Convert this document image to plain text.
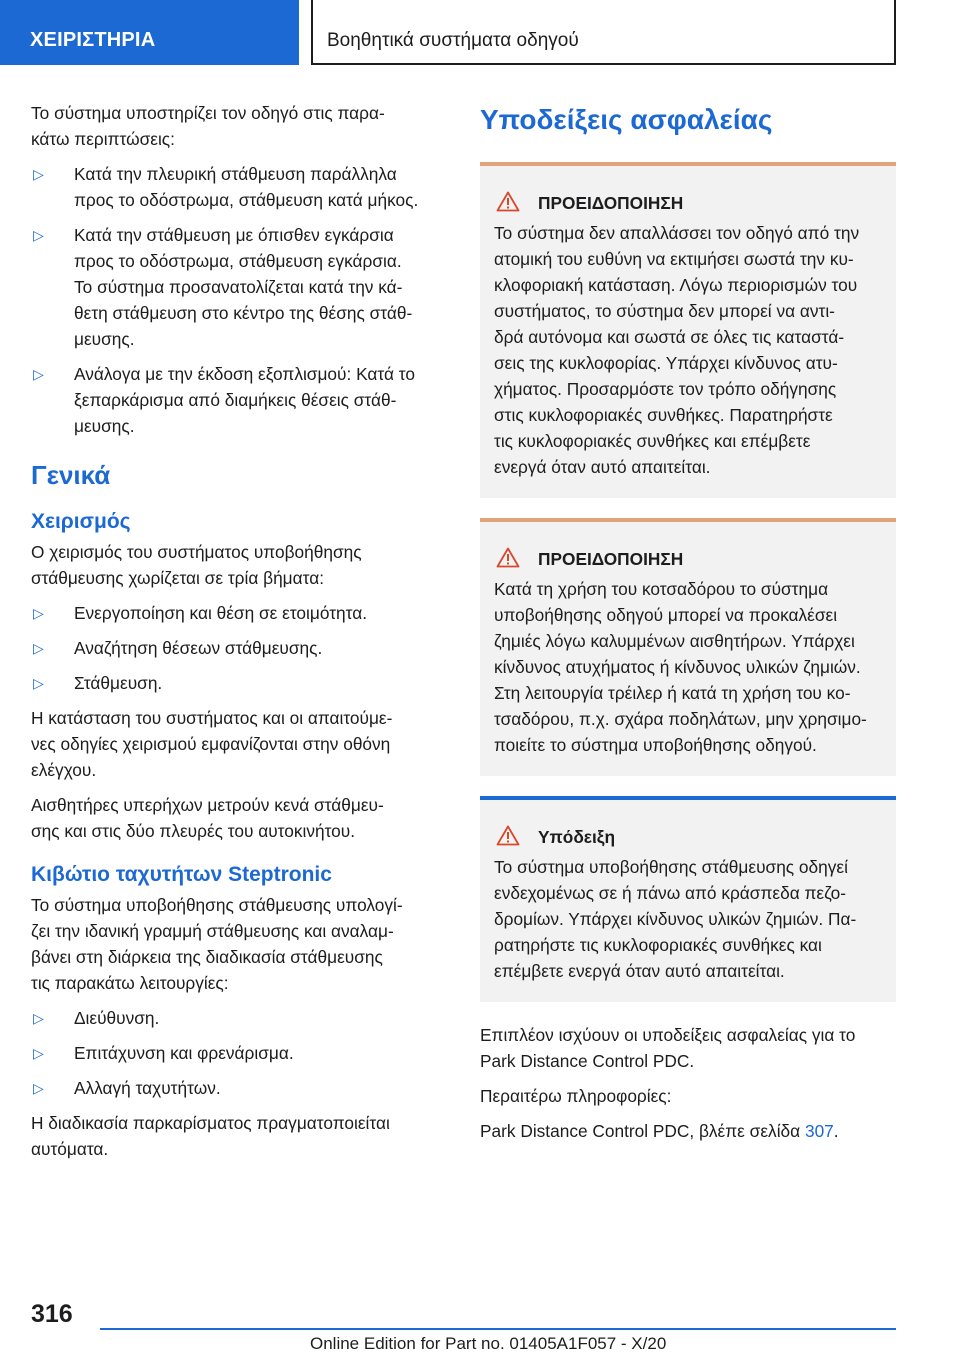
ΧΕΙΡΙΣΤΗΡΙΑ	Βοηθητικά συστήματα οδηγού

Το σύστημα υποστηρίζει τον οδηγό στις παρα-
κάτω περιπτώσεις:

▷ Κατά την πλευρική στάθμευση παράλληλα
προς το οδόστρωμα, στάθμευση κατά μήκος.
▷ Κατά την στάθμευση με όπισθεν εγκάρσια
προς το οδόστρωμα, στάθμευση εγκάρσια.
Το σύστημα προσανατολίζεται κατά την κά-
θετη στάθμευση στο κέντρο της θέσης στάθ-
μευσης.
▷ Ανάλογα με την έκδοση εξοπλισμού: Κατά το
ξεπαρκάρισμα από διαμήκεις θέσεις στάθ-
μευσης.
Γενικά
Χειρισμός

Ο χειρισμός του συστήματος υποβοήθησης
στάθμευσης χωρίζεται σε τρία βήματα:

▷ Ενεργοποίηση και θέση σε ετοιμότητα.
▷ Αναζήτηση θέσεων στάθμευσης.
▷ Στάθμευση.

Η κατάσταση του συστήματος και οι απαιτούμε-
νες οδηγίες χειρισμού εμφανίζονται στην οθόνη
ελέγχου.

Αισθητήρες υπερήχων μετρούν κενά στάθμευ-
σης και στις δύο πλευρές του αυτοκινήτου.

Κιβώτιο ταχυτήτων Steptronic

Το σύστημα υποβοήθησης στάθμευσης υπολογί-
ζει την ιδανική γραμμή στάθμευσης και αναλαμ-
βάνει στη διάρκεια της διαδικασία στάθμευσης
τις παρακάτω λειτουργίες:

▷ Διεύθυνση.
▷ Επιτάχυνση και φρενάρισμα.
▷ Αλλαγή ταχυτήτων.

Η διαδικασία παρκαρίσματος πραγματοποιείται
αυτόματα.

Υποδείξεις ασφαλείας
ΠΡΟΕΙΔΟΠΟΙΗΣΗ

Το σύστημα δεν απαλλάσσει τον οδηγό από την
ατομική του ευθύνη να εκτιμήσει σωστά την κυ-
κλοφοριακή κατάσταση. Λόγω περιορισμών του
συστήματος, το σύστημα δεν μπορεί να αντι-
δρά αυτόνομα και σωστά σε όλες τις καταστά-
σεις της κυκλοφορίας. Υπάρχει κίνδυνος ατυ-
χήματος. Προσαρμόστε τον τρόπο οδήγησης
στις κυκλοφοριακές συνθήκες. Παρατηρήστε
τις κυκλοφοριακές συνθήκες και επέμβετε
ενεργά όταν αυτό απαιτείται.

ΠΡΟΕΙΔΟΠΟΙΗΣΗ

Κατά τη χρήση του κοτσαδόρου το σύστημα
υποβοήθησης οδηγού μπορεί να προκαλέσει
ζημιές λόγω καλυμμένων αισθητήρων. Υπάρχει
κίνδυνος ατυχήματος ή κίνδυνος υλικών ζημιών.
Στη λειτουργία τρέιλερ ή κατά τη χρήση του κο-
τσαδόρου, π.χ. σχάρα ποδηλάτων, μην χρησιμο-
ποιείτε το σύστημα υποβοήθησης οδηγού.

Υπόδειξη

Το σύστημα υποβοήθησης στάθμευσης οδηγεί
ενδεχομένως σε ή πάνω από κράσπεδα πεζο-
δρομίων. Υπάρχει κίνδυνος υλικών ζημιών. Πα-
ρατηρήστε τις κυκλοφοριακές συνθήκες και
επέμβετε ενεργά όταν αυτό απαιτείται.

Επιπλέον ισχύουν οι υποδείξεις ασφαλείας για το
Park Distance Control PDC.

Περαιτέρω πληροφορίες:

Park Distance Control PDC, βλέπε σελίδα 307.

316
Online Edition for Part no. 01405A1F057 - X/20
